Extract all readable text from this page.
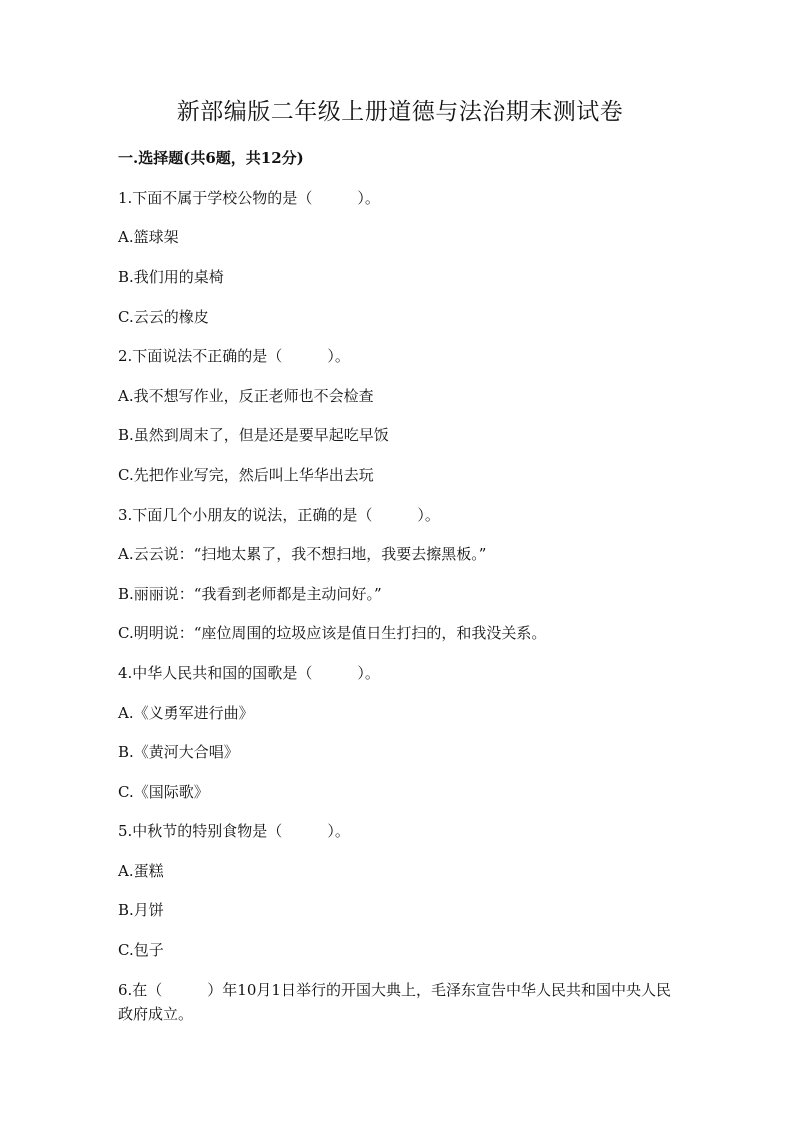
新部编版二年级上册道德与法治期末测试卷
一.选择题(共6题，共12分)
1.下面不属于学校公物的是（　　　）。
A.篮球架
B.我们用的桌椅
C.云云的橡皮
2.下面说法不正确的是（　　　）。
A.我不想写作业，反正老师也不会检查
B.虽然到周末了，但是还是要早起吃早饭
C.先把作业写完，然后叫上华华出去玩
3.下面几个小朋友的说法，正确的是（　　　）。
A.云云说：“扫地太累了，我不想扫地，我要去擦黑板。”
B.丽丽说：“我看到老师都是主动问好。”
C.明明说：“座位周围的垃圾应该是值日生打扫的，和我没关系。
4.中华人民共和国的国歌是（　　　）。
A.《义勇军进行曲》
B.《黄河大合唱》
C.《国际歌》
5.中秋节的特别食物是（　　　）。
A.蛋糕
B.月饼
C.包子
6.在（　　　）年10月1日举行的开国大典上，毛泽东宣告中华人民共和国中央人民政府成立。
